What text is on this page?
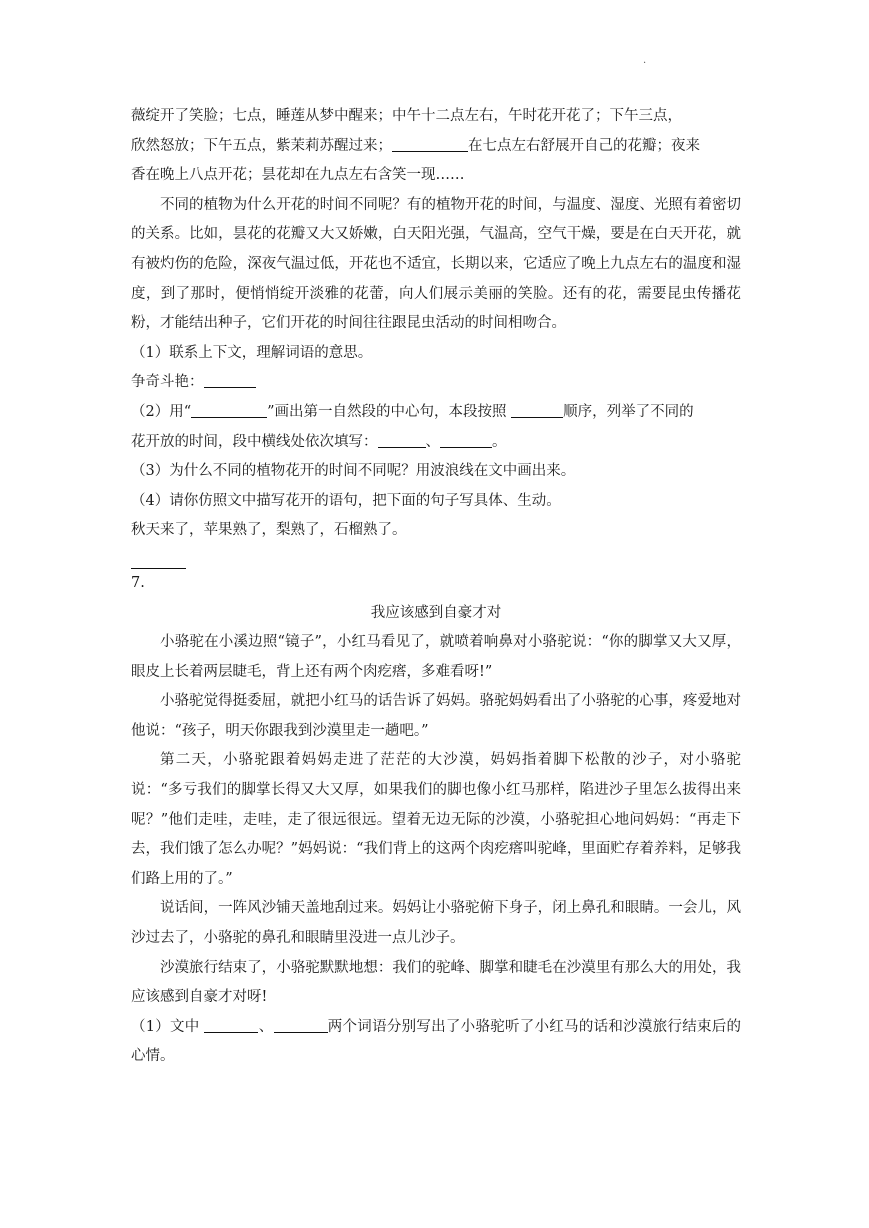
.

薇绽开了笑脸；七点，睡莲从梦中醒来；中午十二点左右，午时花开花了；下午三点，
欣然怒放；下午五点，紫茉莉苏醒过来；	在七点左右舒展开自己的花瓣；夜来
香在晚上八点开花；昙花却在九点左右含笑一现……

不同的植物为什么开花的时间不同呢？有的植物开花的时间，与温度、湿度、光照有着密切的关系。比如，昙花的花瓣又大又娇嫩，白天阳光强，气温高，空气干燥，要是在白天开花，就有被灼伤的危险，深夜气温过低，开花也不适宜，长期以来，它适应了晚上九点左右的温度和湿度，到了那时，便悄悄绽开淡雅的花蕾，向人们展示美丽的笑脸。还有的花，需要昆虫传播花粉，才能结出种子，它们开花的时间往往跟昆虫活动的时间相吻合。

（1）联系上下文，理解词语的意思。

争奇斗艳：

（2）用“	”画出第一自然段的中心句，本段按照	顺序，列举了不同的
花开放的时间，段中横线处依次填写：	、	。

（3）为什么不同的植物花开的时间不同呢？用波浪线在文中画出来。

（4）请你仿照文中描写花开的语句，把下面的句子写具体、生动。

秋天来了，苹果熟了，梨熟了，石榴熟了。

7.

我应该感到自豪才对

小骆驼在小溪边照“镜子”，小红马看见了，就喷着响鼻对小骆驼说：“你的脚掌又大又厚，眼皮上长着两层睫毛，背上还有两个肉疙瘩，多难看呀!”

小骆驼觉得挺委屈，就把小红马的话告诉了妈妈。骆驼妈妈看出了小骆驼的心事，疼爱地对他说：“孩子，明天你跟我到沙漠里走一趟吧。”

第二天，小骆驼跟着妈妈走进了茫茫的大沙漠，妈妈指着脚下松散的沙子，对小骆驼说：“多亏我们的脚掌长得又大又厚，如果我们的脚也像小红马那样，陷进沙子里怎么拔得出来呢？”他们走哇，走哇，走了很远很远。望着无边无际的沙漠，小骆驼担心地问妈妈：“再走下去，我们饿了怎么办呢？”妈妈说：“我们背上的这两个肉疙瘩叫驼峰，里面贮存着养料，足够我们路上用的了。”

说话间，一阵风沙铺天盖地刮过来。妈妈让小骆驼俯下身子，闭上鼻孔和眼睛。一会儿，风沙过去了，小骆驼的鼻孔和眼睛里没进一点儿沙子。

沙漠旅行结束了，小骆驼默默地想：我们的驼峰、脚掌和睫毛在沙漠里有那么大的用处，我应该感到自豪才对呀!

（1）文中	、	两个词语分别写出了小骆驼听了小红马的话和沙漠旅行结束后的心情。
